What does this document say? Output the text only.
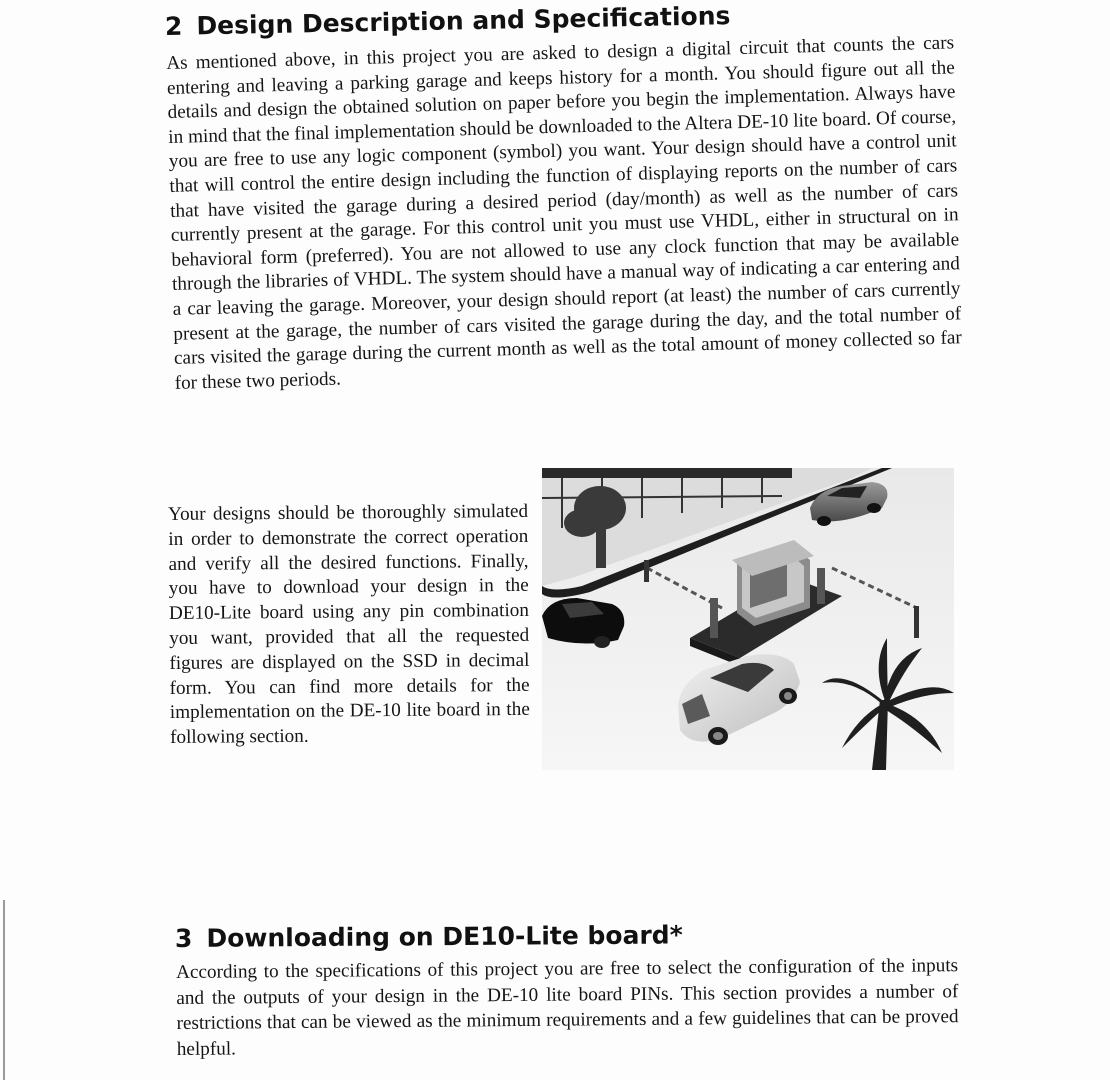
2 Design Description and Specifications

As mentioned above, in this project you are asked to design a digital circuit that counts the cars entering and leaving a parking garage and keeps history for a month. You should figure out all the details and design the obtained solution on paper before you begin the implementation. Always have in mind that the final implementation should be downloaded to the Altera DE-10 lite board. Of course, you are free to use any logic component (symbol) you want. Your design should have a control unit that will control the entire design including the function of displaying reports on the number of cars that have visited the garage during a desired period (day/month) as well as the number of cars currently present at the garage. For this control unit you must use VHDL, either in structural on in behavioral form (preferred). You are not allowed to use any clock function that may be available through the libraries of VHDL. The system should have a manual way of indicating a car entering and a car leaving the garage. Moreover, your design should report (at least) the number of cars currently present at the garage, the number of cars visited the garage during the day, and the total number of cars visited the garage during the current month as well as the total amount of money collected so far for these two periods.

Your designs should be thoroughly simulated in order to demonstrate the correct operation and verify all the desired functions. Finally, you have to download your design in the DE10-Lite board using any pin combination you want, provided that all the requested figures are displayed on the SSD in decimal form. You can find more details for the implementation on the DE-10 lite board in the following section.

3 Downloading on DE10-Lite board*

According to the specifications of this project you are free to select the configuration of the inputs and the outputs of your design in the DE-10 lite board PINs. This section provides a number of restrictions that can be viewed as the minimum requirements and a few guidelines that can be proved helpful.
